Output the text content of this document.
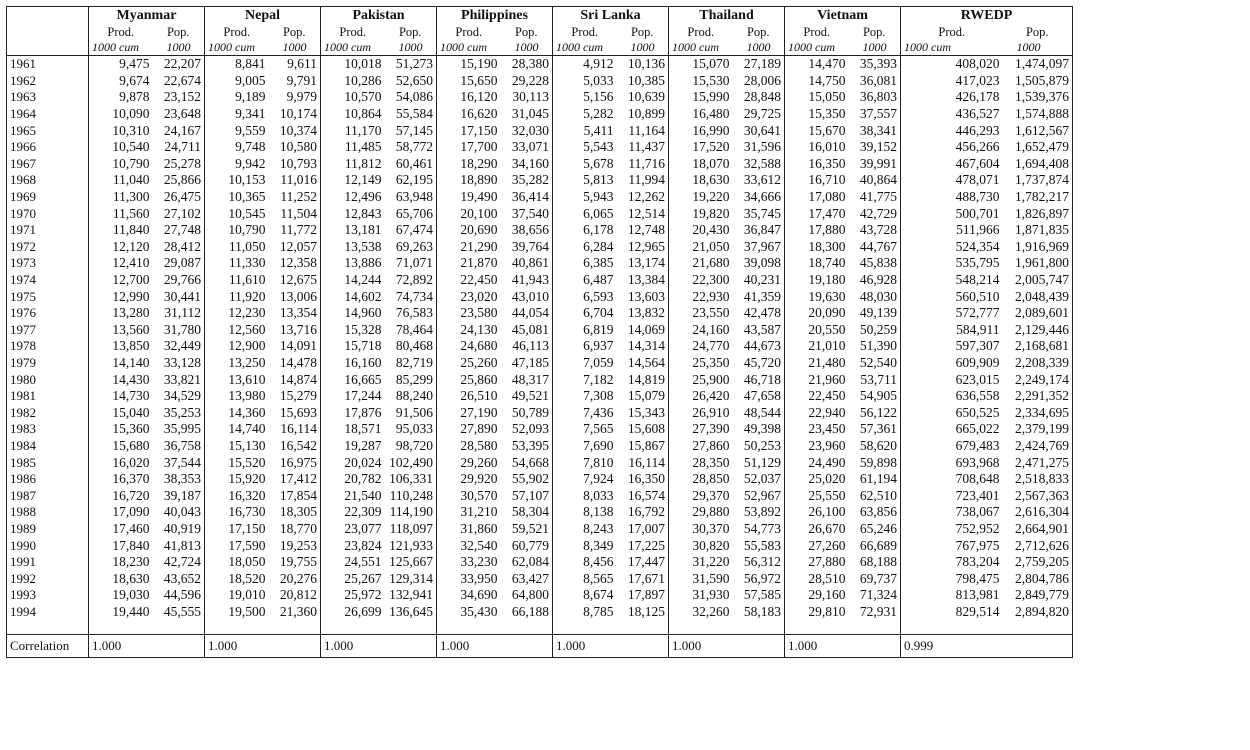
	Myanmar		Nepal		Pakistan		Philippines		Sri Lanka		Thailand		Vietnam		RWEDP	
	Prod.	Pop.	Prod.	Pop.	Prod.	Pop.	Prod.	Pop.	Prod.	Pop.	Prod.	Pop.	Prod.	Pop.	Prod.	Pop.
	1000 cum	1000	1000 cum	1000	1000 cum	1000	1000 cum	1000	1000 cum	1000	1000 cum	1000	1000 cum	1000	1000 cum	1000
1961	9,475	22,207	8,841	9,611	10,018	51,273	15,190	28,380	4,912	10,136	15,070	27,189	14,470	35,393	408,020	1,474,097
1962	9,674	22,674	9,005	9,791	10,286	52,650	15,650	29,228	5,033	10,385	15,530	28,006	14,750	36,081	417,023	1,505,879
1963	9,878	23,152	9,189	9,979	10,570	54,086	16,120	30,113	5,156	10,639	15,990	28,848	15,050	36,803	426,178	1,539,376
1964	10,090	23,648	9,341	10,174	10,864	55,584	16,620	31,045	5,282	10,899	16,480	29,725	15,350	37,557	436,527	1,574,888
1965	10,310	24,167	9,559	10,374	11,170	57,145	17,150	32,030	5,411	11,164	16,990	30,641	15,670	38,341	446,293	1,612,567
1966	10,540	24,711	9,748	10,580	11,485	58,772	17,700	33,071	5,543	11,437	17,520	31,596	16,010	39,152	456,266	1,652,479
1967	10,790	25,278	9,942	10,793	11,812	60,461	18,290	34,160	5,678	11,716	18,070	32,588	16,350	39,991	467,604	1,694,408
1968	11,040	25,866	10,153	11,016	12,149	62,195	18,890	35,282	5,813	11,994	18,630	33,612	16,710	40,864	478,071	1,737,874
1969	11,300	26,475	10,365	11,252	12,496	63,948	19,490	36,414	5,943	12,262	19,220	34,666	17,080	41,775	488,730	1,782,217
1970	11,560	27,102	10,545	11,504	12,843	65,706	20,100	37,540	6,065	12,514	19,820	35,745	17,470	42,729	500,701	1,826,897
1971	11,840	27,748	10,790	11,772	13,181	67,474	20,690	38,656	6,178	12,748	20,430	36,847	17,880	43,728	511,966	1,871,835
1972	12,120	28,412	11,050	12,057	13,538	69,263	21,290	39,764	6,284	12,965	21,050	37,967	18,300	44,767	524,354	1,916,969
1973	12,410	29,087	11,330	12,358	13,886	71,071	21,870	40,861	6,385	13,174	21,680	39,098	18,740	45,838	535,795	1,961,800
1974	12,700	29,766	11,610	12,675	14,244	72,892	22,450	41,943	6,487	13,384	22,300	40,231	19,180	46,928	548,214	2,005,747
1975	12,990	30,441	11,920	13,006	14,602	74,734	23,020	43,010	6,593	13,603	22,930	41,359	19,630	48,030	560,510	2,048,439
1976	13,280	31,112	12,230	13,354	14,960	76,583	23,580	44,054	6,704	13,832	23,550	42,478	20,090	49,139	572,777	2,089,601
1977	13,560	31,780	12,560	13,716	15,328	78,464	24,130	45,081	6,819	14,069	24,160	43,587	20,550	50,259	584,911	2,129,446
1978	13,850	32,449	12,900	14,091	15,718	80,468	24,680	46,113	6,937	14,314	24,770	44,673	21,010	51,390	597,307	2,168,681
1979	14,140	33,128	13,250	14,478	16,160	82,719	25,260	47,185	7,059	14,564	25,350	45,720	21,480	52,540	609,909	2,208,339
1980	14,430	33,821	13,610	14,874	16,665	85,299	25,860	48,317	7,182	14,819	25,900	46,718	21,960	53,711	623,015	2,249,174
1981	14,730	34,529	13,980	15,279	17,244	88,240	26,510	49,521	7,308	15,079	26,420	47,658	22,450	54,905	636,558	2,291,352
1982	15,040	35,253	14,360	15,693	17,876	91,506	27,190	50,789	7,436	15,343	26,910	48,544	22,940	56,122	650,525	2,334,695
1983	15,360	35,995	14,740	16,114	18,571	95,033	27,890	52,093	7,565	15,608	27,390	49,398	23,450	57,361	665,022	2,379,199
1984	15,680	36,758	15,130	16,542	19,287	98,720	28,580	53,395	7,690	15,867	27,860	50,253	23,960	58,620	679,483	2,424,769
1985	16,020	37,544	15,520	16,975	20,024	102,490	29,260	54,668	7,810	16,114	28,350	51,129	24,490	59,898	693,968	2,471,275
1986	16,370	38,353	15,920	17,412	20,782	106,331	29,920	55,902	7,924	16,350	28,850	52,037	25,020	61,194	708,648	2,518,833
1987	16,720	39,187	16,320	17,854	21,540	110,248	30,570	57,107	8,033	16,574	29,370	52,967	25,550	62,510	723,401	2,567,363
1988	17,090	40,043	16,730	18,305	22,309	114,190	31,210	58,304	8,138	16,792	29,880	53,892	26,100	63,856	738,067	2,616,304
1989	17,460	40,919	17,150	18,770	23,077	118,097	31,860	59,521	8,243	17,007	30,370	54,773	26,670	65,246	752,952	2,664,901
1990	17,840	41,813	17,590	19,253	23,824	121,933	32,540	60,779	8,349	17,225	30,820	55,583	27,260	66,689	767,975	2,712,626
1991	18,230	42,724	18,050	19,755	24,551	125,667	33,230	62,084	8,456	17,447	31,220	56,312	27,880	68,188	783,204	2,759,205
1992	18,630	43,652	18,520	20,276	25,267	129,314	33,950	63,427	8,565	17,671	31,590	56,972	28,510	69,737	798,475	2,804,786
1993	19,030	44,596	19,010	20,812	25,972	132,941	34,690	64,800	8,674	17,897	31,930	57,585	29,160	71,324	813,981	2,849,779
1994	19,440	45,555	19,500	21,360	26,699	136,645	35,430	66,188	8,785	18,125	32,260	58,183	29,810	72,931	829,514	2,894,820

Correlation	1.000		1.000		1.000		1.000		1.000		1.000		1.000		0.999	
